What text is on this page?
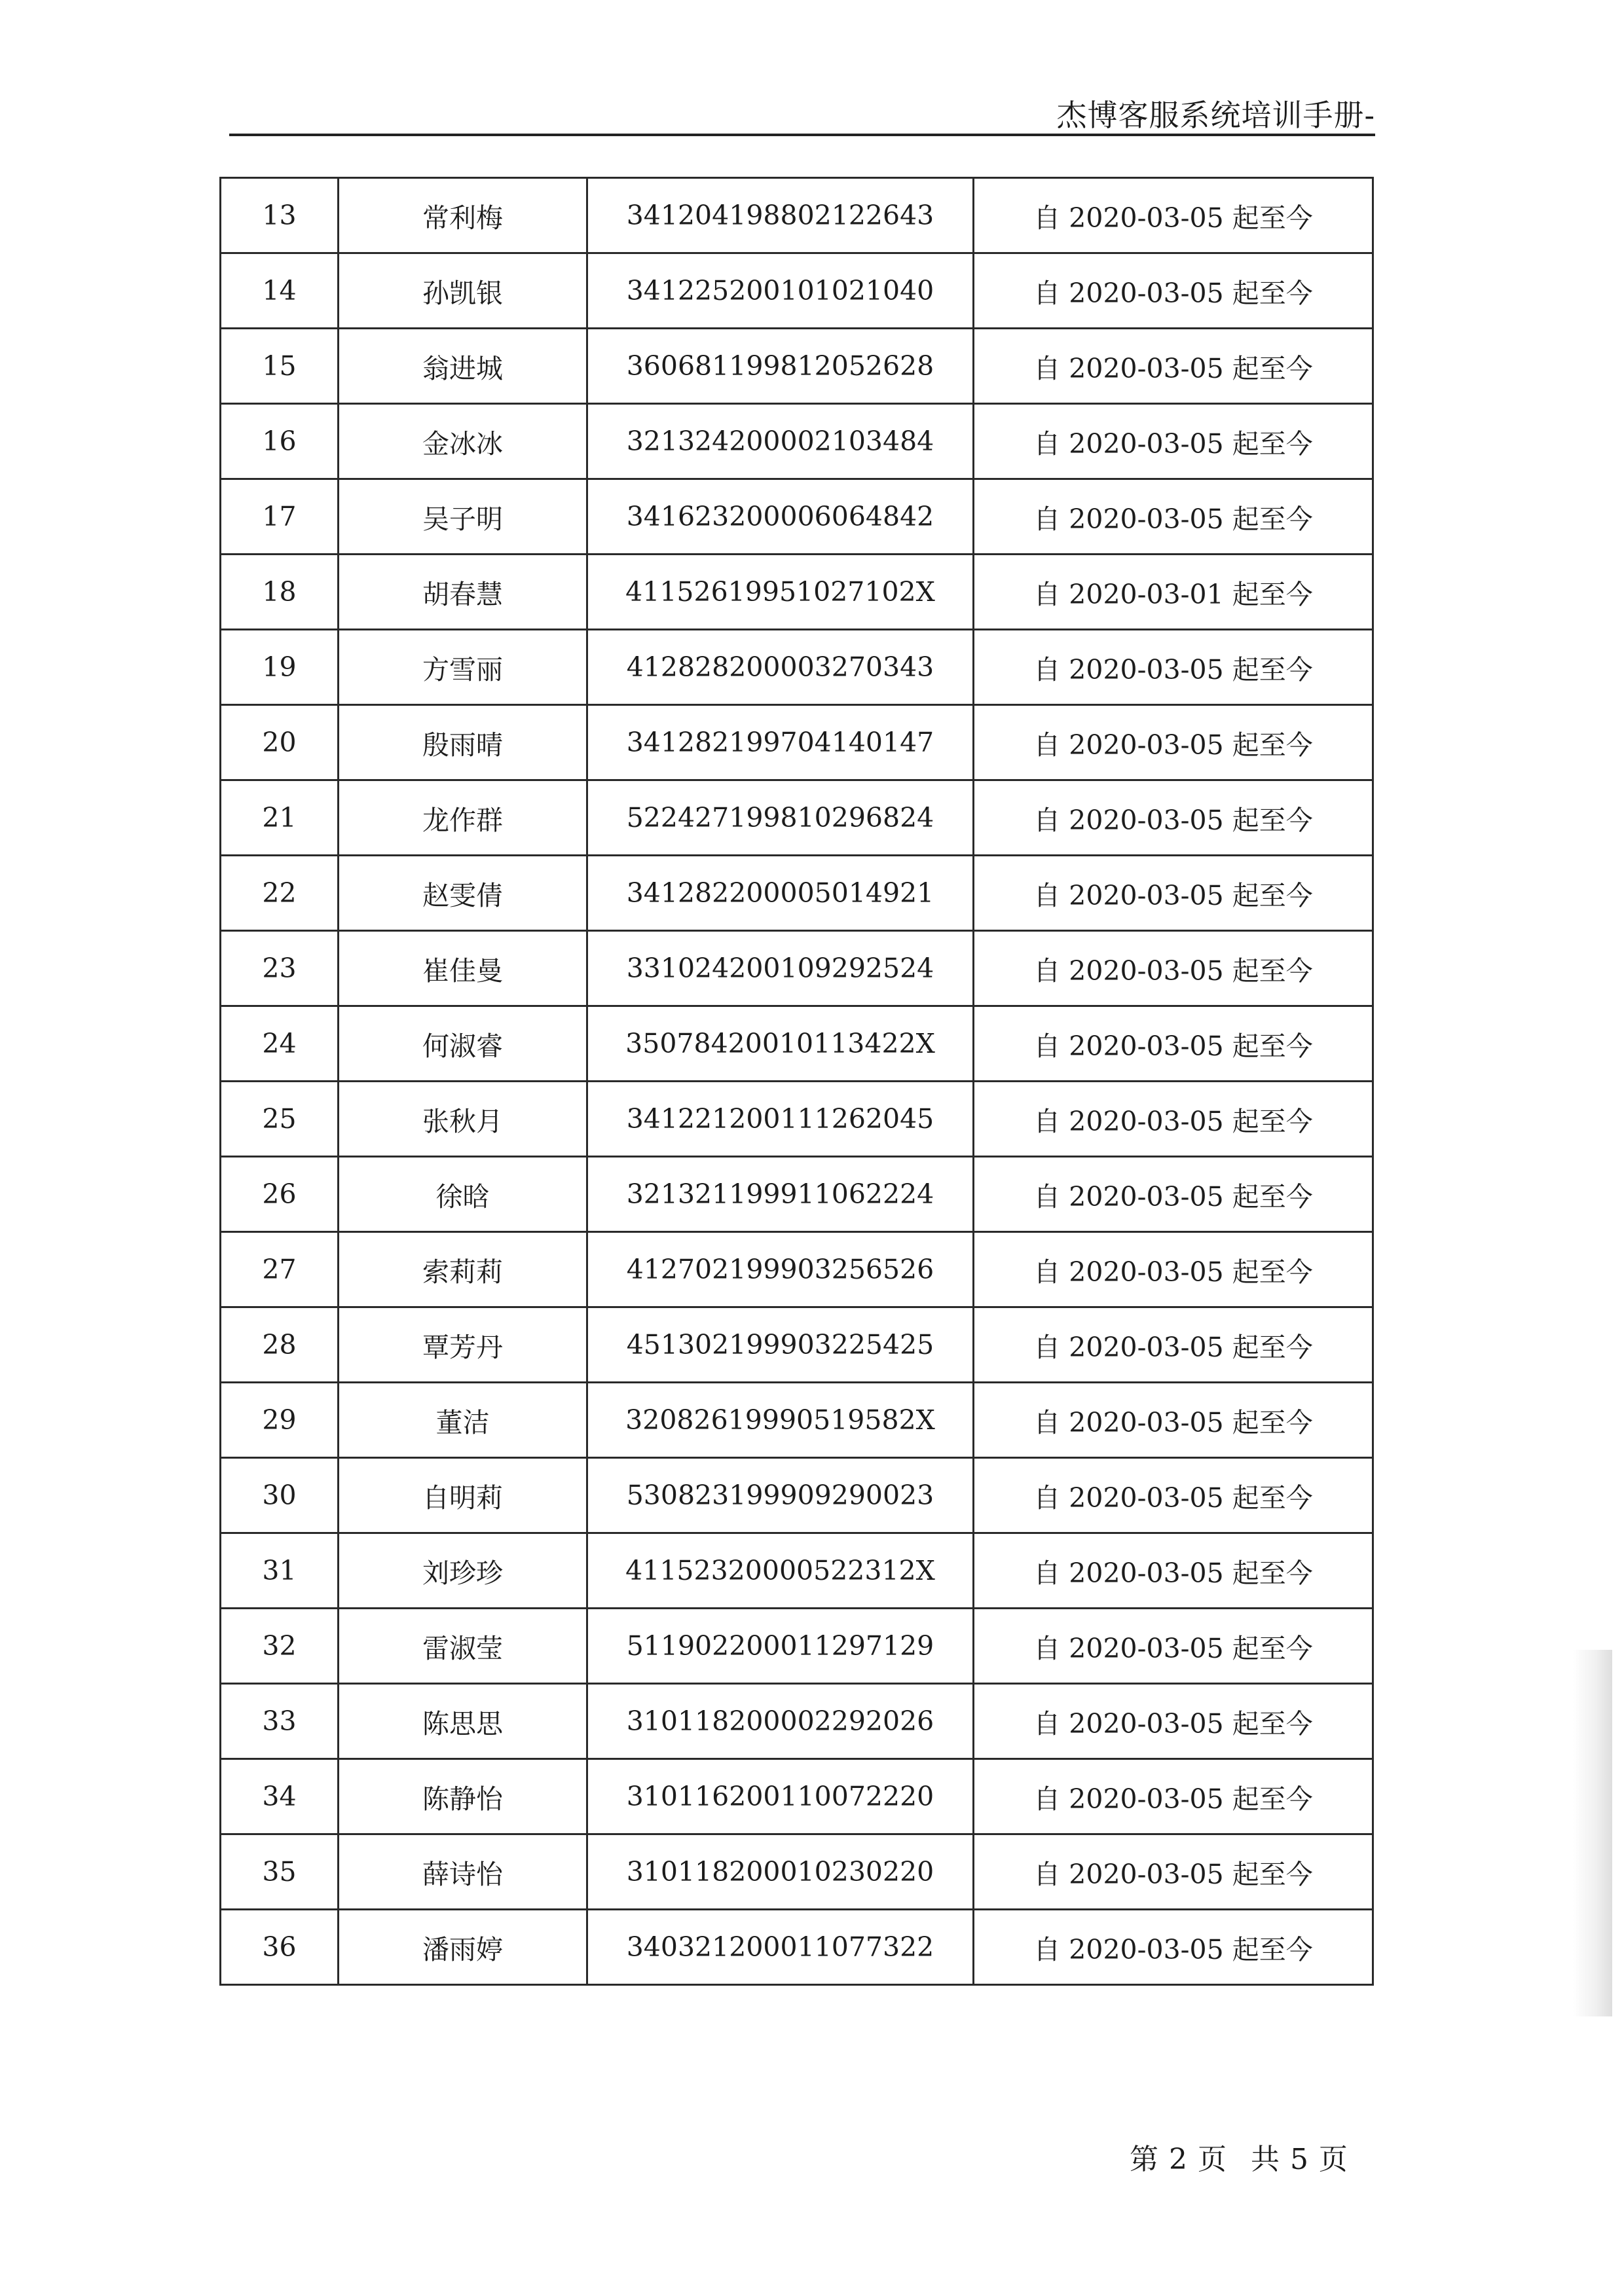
杰博客服系统培训手册-
13	常利梅	341204198802122643	自 2020-03-05 起至今
14	孙凯银	341225200101021040	自 2020-03-05 起至今
15	翁进城	360681199812052628	自 2020-03-05 起至今
16	金冰冰	321324200002103484	自 2020-03-05 起至今
17	吴子明	341623200006064842	自 2020-03-05 起至今
18	胡春慧	41152619951027102X	自 2020-03-01 起至今
19	方雪丽	412828200003270343	自 2020-03-05 起至今
20	殷雨晴	341282199704140147	自 2020-03-05 起至今
21	龙作群	522427199810296824	自 2020-03-05 起至今
22	赵雯倩	341282200005014921	自 2020-03-05 起至今
23	崔佳曼	331024200109292524	自 2020-03-05 起至今
24	何淑睿	35078420010113422X	自 2020-03-05 起至今
25	张秋月	341221200111262045	自 2020-03-05 起至今
26	徐晗	321321199911062224	自 2020-03-05 起至今
27	索莉莉	412702199903256526	自 2020-03-05 起至今
28	覃芳丹	451302199903225425	自 2020-03-05 起至今
29	董洁	32082619990519582X	自 2020-03-05 起至今
30	自明莉	530823199909290023	自 2020-03-05 起至今
31	刘珍珍	41152320000522312X	自 2020-03-05 起至今
32	雷淑莹	511902200011297129	自 2020-03-05 起至今
33	陈思思	310118200002292026	自 2020-03-05 起至今
34	陈静怡	310116200110072220	自 2020-03-05 起至今
35	薛诗怡	310118200010230220	自 2020-03-05 起至今
36	潘雨婷	340321200011077322	自 2020-03-05 起至今
第 2 页 共 5 页
